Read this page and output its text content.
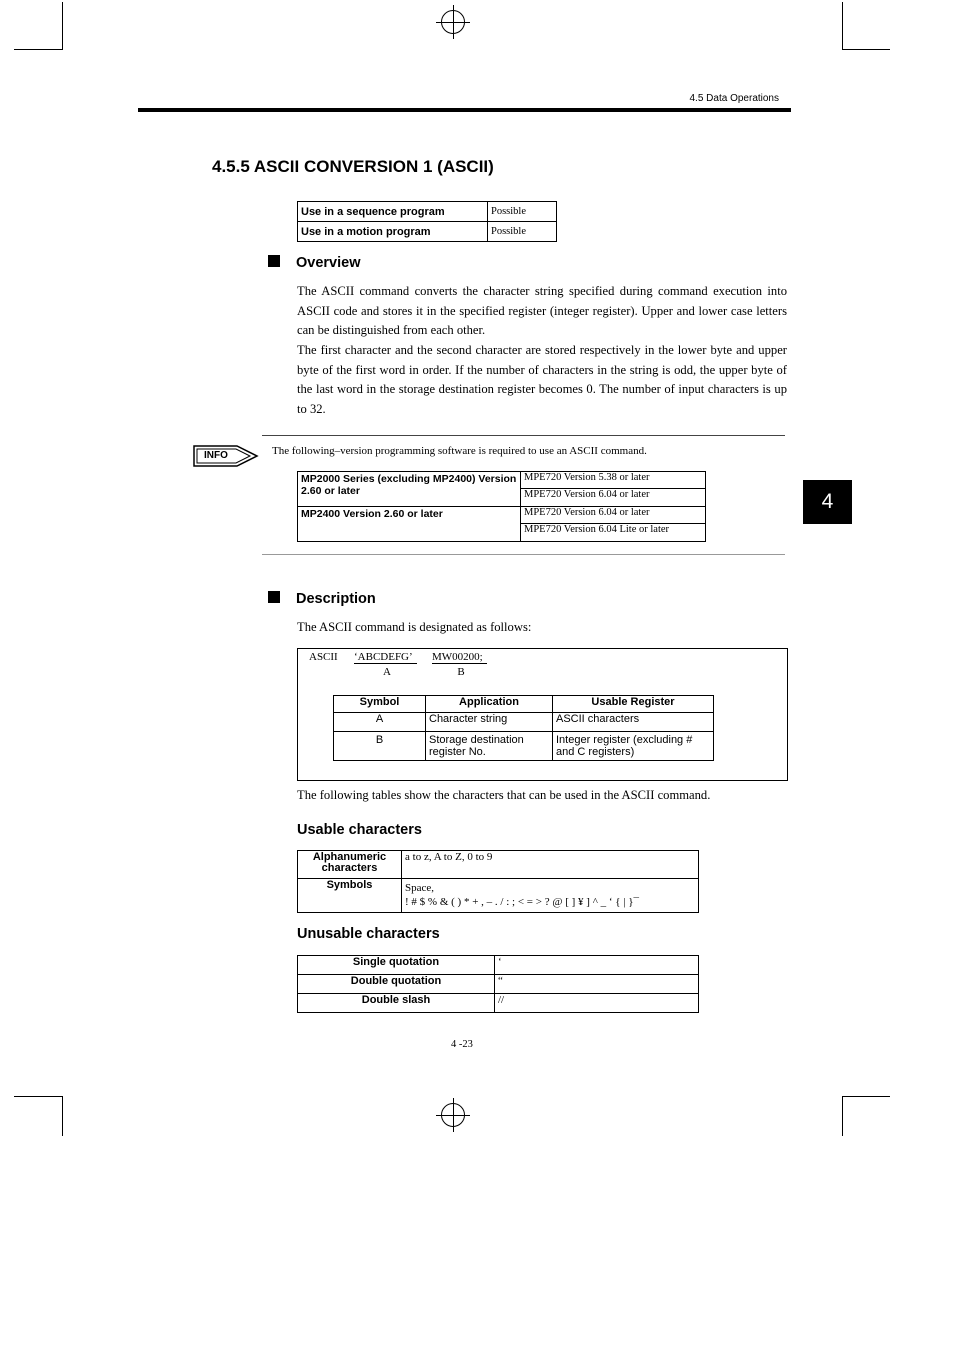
4.5 Data Operations
4
4.5.5 ASCII CONVERSION 1 (ASCII)
Use in a sequence program	Possible
Use in a motion program	Possible
Overview
The ASCII command converts the character string specified during command execution into ASCII code and stores it in the specified register (integer register). Upper and lower case letters can be distinguished from each other.
The first character and the second character are stored respectively in the lower byte and upper byte of the first word in order. If the number of characters in the string is odd, the upper byte of the last word in the storage destination register becomes 0. The number of input characters is up to 32.
INFO	The following–version programming software is required to use an ASCII command.
MP2000 Series (excluding MP2400) Version 2.60 or later	MPE720 Version 5.38 or later
	MPE720 Version 6.04 or later
MP2400 Version 2.60 or later	MPE720 Version 6.04 or later
	MPE720 Version 6.04 Lite or later
Description
The ASCII command is designated as follows:
ASCII ‘ABCDEFG’	MW00200;
A	B
Symbol	Application	Usable Register
A	Character string	ASCII characters
B	Storage destination register No.	Integer register (excluding # and C registers)
The following tables show the characters that can be used in the ASCII command.
Usable characters
Alphanumeric characters	a to z, A to Z, 0 to 9
Symbols	Space,
! # $ % & ( ) * + , – . / : ; < = > ? @ [ ] ¥ ] ^ _ ‘ { | }¯
Unusable characters
Single quotation	‘
Double quotation	“
Double slash	//
4 -23
